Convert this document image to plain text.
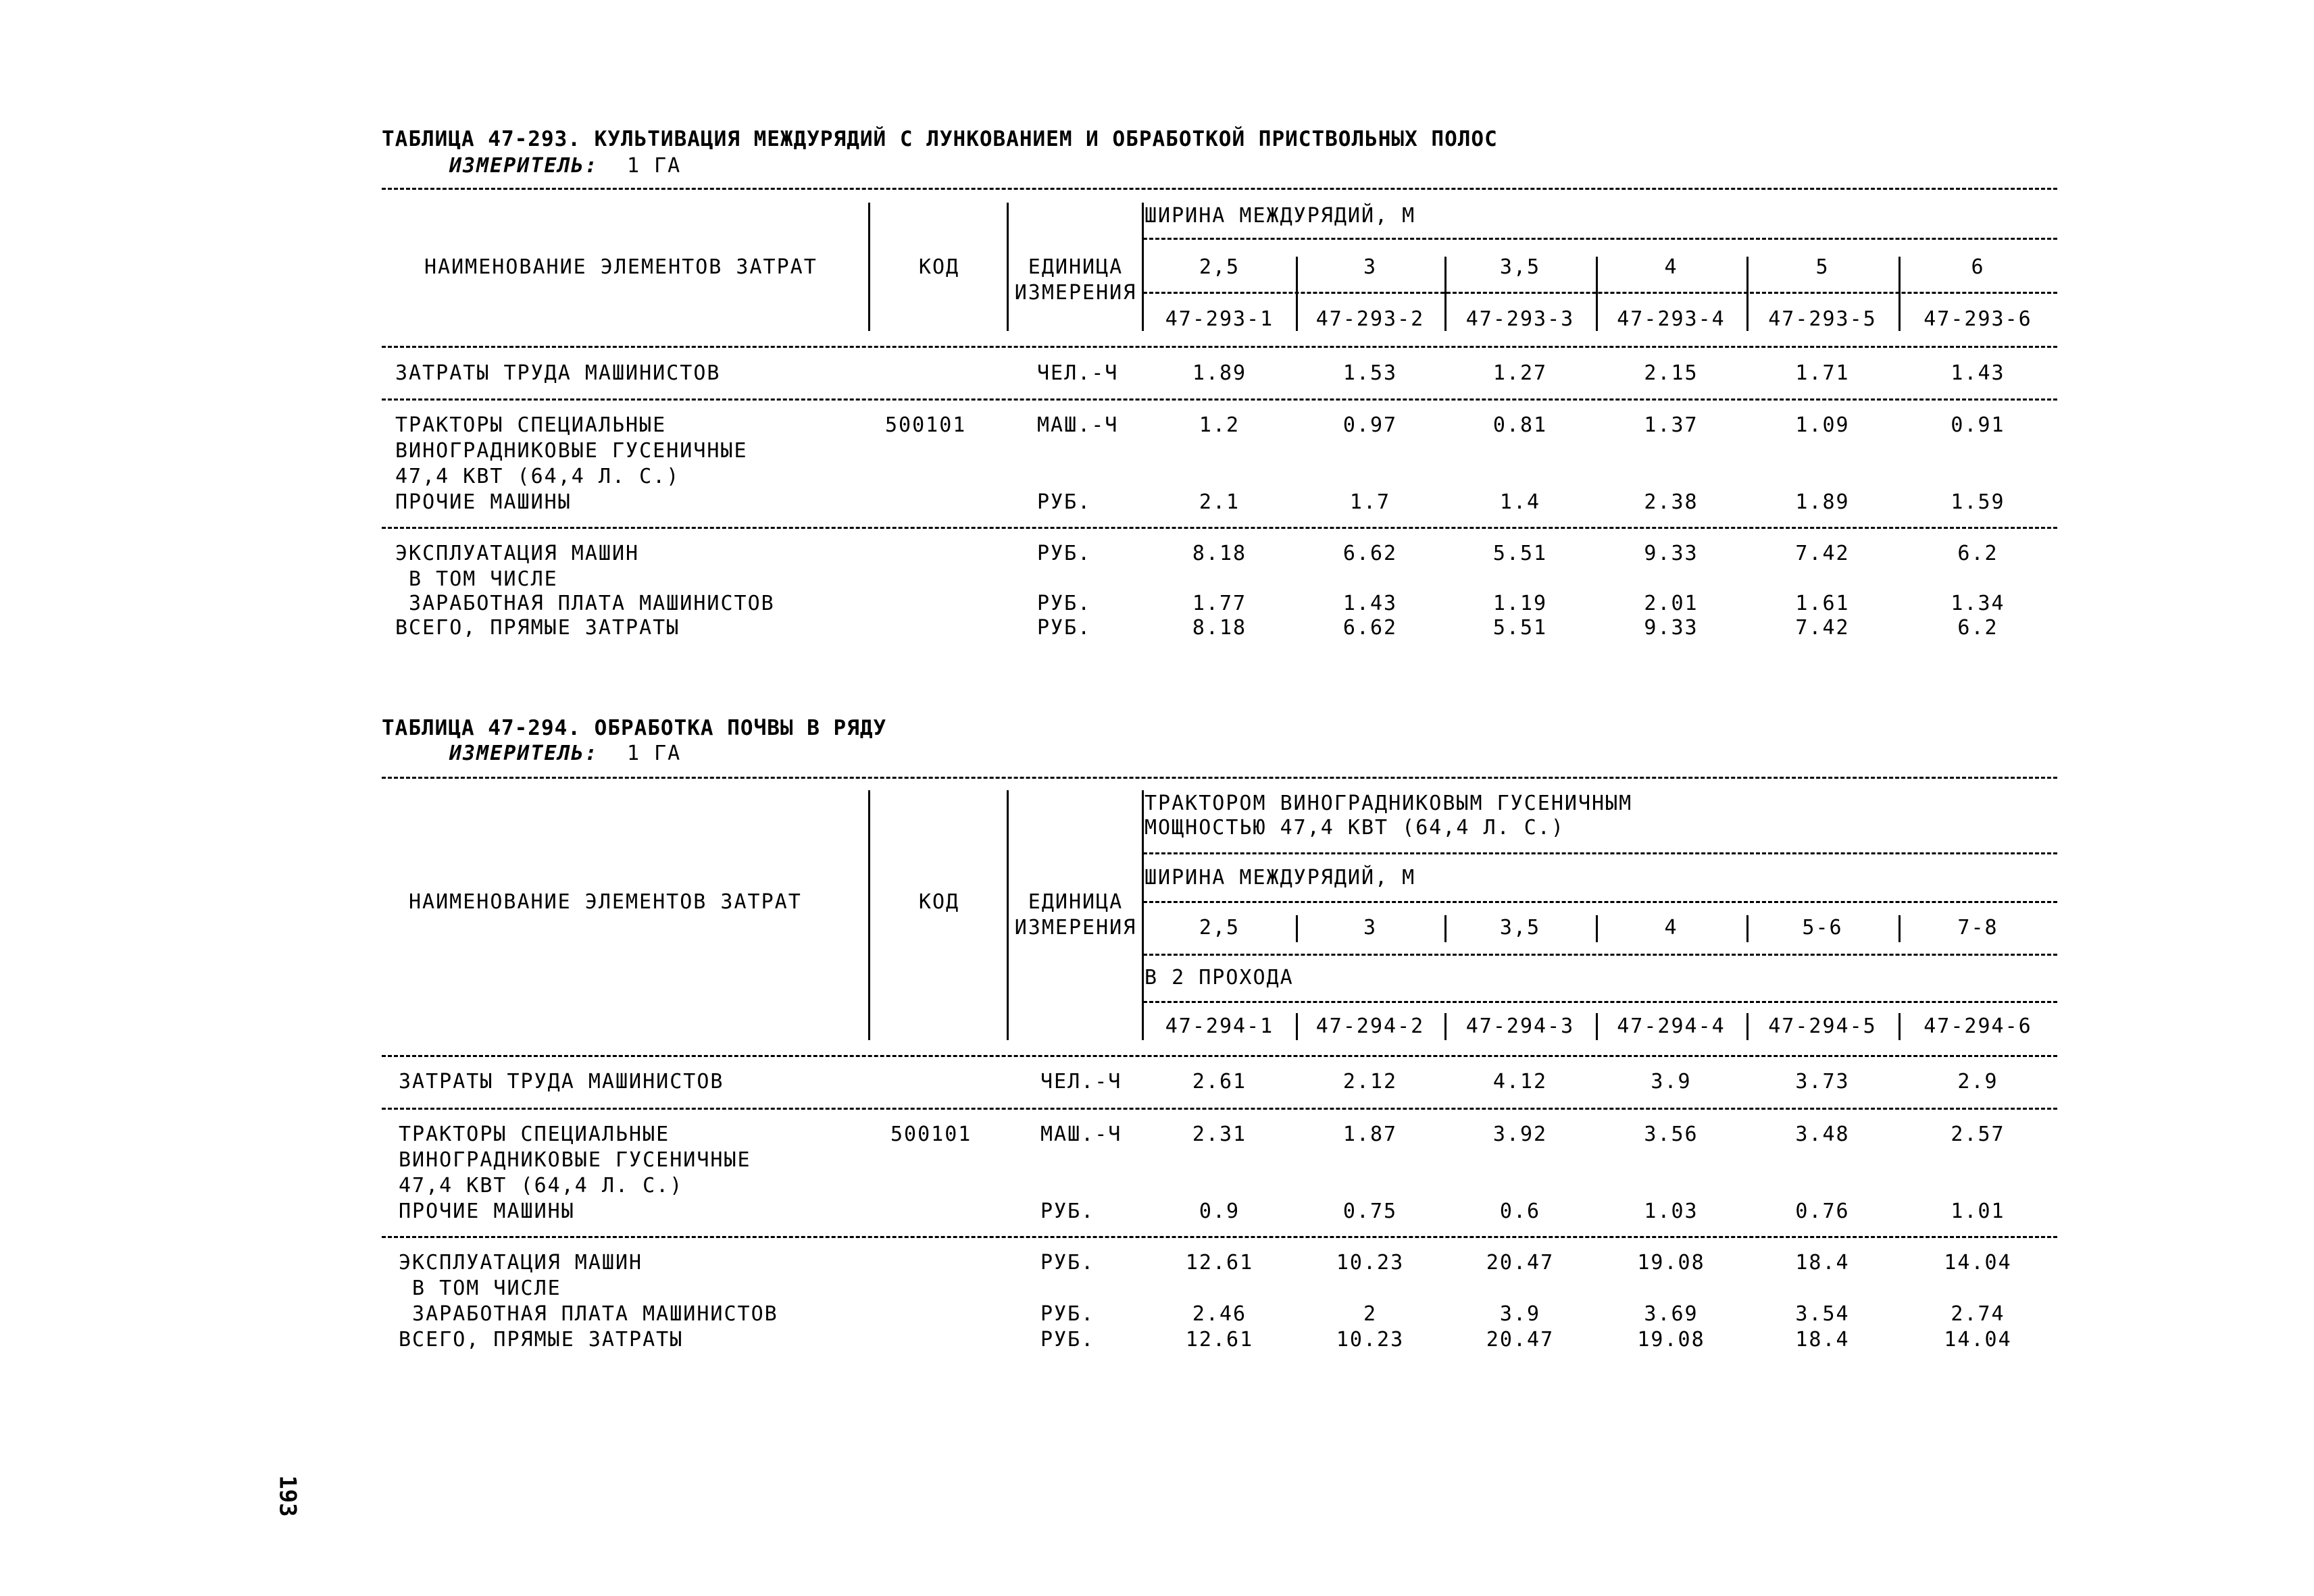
ТАБЛИЦА 47-293. КУЛЬТИВАЦИЯ МЕЖДУРЯДИЙ С ЛУНКОВАНИЕМ И ОБРАБОТКОЙ ПРИСТВОЛЬНЫХ ПОЛОС
ИЗМЕРИТЕЛЬ: 1 ГА
ШИРИНА МЕЖДУРЯДИЙ, М
НАИМЕНОВАНИЕ ЭЛЕМЕНТОВ ЗАТРАТ	КОД	ЕДИНИЦА
ИЗМЕРЕНИЯ
2,5	3	3,5	4	5	6
47-293-1	47-293-2	47-293-3	47-293-4	47-293-5	47-293-6
ЗАТРАТЫ ТРУДА МАШИНИСТОВ	ЧЕЛ.-Ч	1.89	1.53	1.27	2.15	1.71	1.43
ТРАКТОРЫ СПЕЦИАЛЬНЫЕ
ВИНОГРАДНИКОВЫЕ ГУСЕНИЧНЫЕ
47,4 КВТ (64,4 Л. С.)
500101	МАШ.-Ч	1.2	0.97	0.81	1.37	1.09	0.91
ПРОЧИЕ МАШИНЫ	РУБ.	2.1	1.7	1.4	2.38	1.89	1.59
ЭКСПЛУАТАЦИЯ МАШИН	РУБ.	8.18	6.62	5.51	9.33	7.42	6.2
В ТОМ ЧИСЛЕ
ЗАРАБОТНАЯ ПЛАТА МАШИНИСТОВ	РУБ.	1.77	1.43	1.19	2.01	1.61	1.34
ВСЕГО, ПРЯМЫЕ ЗАТРАТЫ	РУБ.	8.18	6.62	5.51	9.33	7.42	6.2
ТАБЛИЦА 47-294. ОБРАБОТКА ПОЧВЫ В РЯДУ
ИЗМЕРИТЕЛЬ: 1 ГА
ТРАКТОРОМ ВИНОГРАДНИКОВЫМ ГУСЕНИЧНЫМ
МОЩНОСТЬЮ 47,4 КВТ (64,4 Л. С.)
ШИРИНА МЕЖДУРЯДИЙ, М
НАИМЕНОВАНИЕ ЭЛЕМЕНТОВ ЗАТРАТ	КОД	ЕДИНИЦА
ИЗМЕРЕНИЯ	2,5	3	3,5	4	5-6	7-8
В 2 ПРОХОДА
47-294-1	47-294-2	47-294-3	47-294-4	47-294-5	47-294-6
ЗАТРАТЫ ТРУДА МАШИНИСТОВ	ЧЕЛ.-Ч	2.61	2.12	4.12	3.9	3.73	2.9
ТРАКТОРЫ СПЕЦИАЛЬНЫЕ
ВИНОГРАДНИКОВЫЕ ГУСЕНИЧНЫЕ
47,4 КВТ (64,4 Л. С.)
500101	МАШ.-Ч	2.31	1.87	3.92	3.56	3.48	2.57
ПРОЧИЕ МАШИНЫ	РУБ.	0.9	0.75	0.6	1.03	0.76	1.01
ЭКСПЛУАТАЦИЯ МАШИН	РУБ.	12.61	10.23	20.47	19.08	18.4	14.04
В ТОМ ЧИСЛЕ
ЗАРАБОТНАЯ ПЛАТА МАШИНИСТОВ	РУБ.	2.46	2	3.9	3.69	3.54	2.74
ВСЕГО, ПРЯМЫЕ ЗАТРАТЫ	РУБ.	12.61	10.23	20.47	19.08	18.4	14.04
193
